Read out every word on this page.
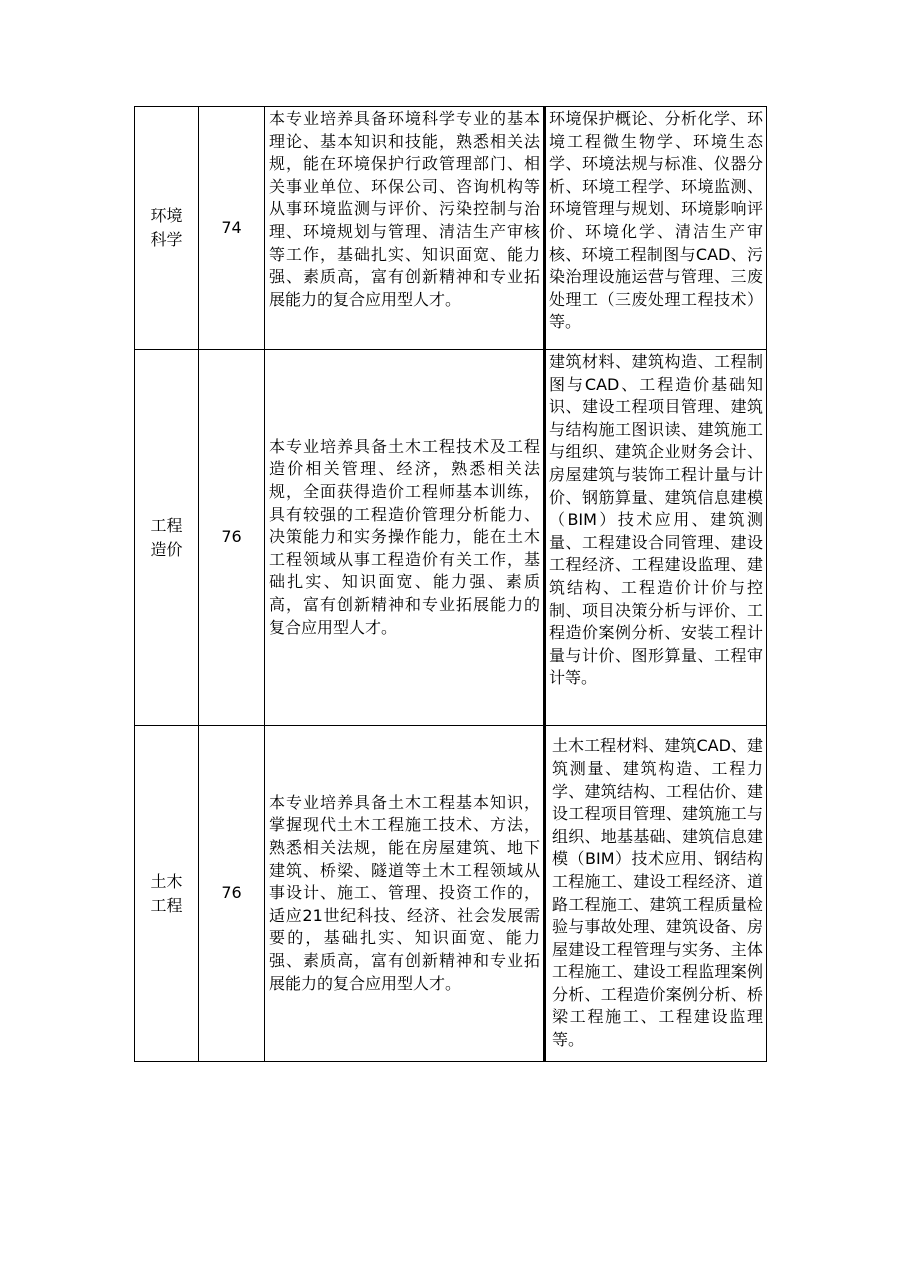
环境科学	74	本专业培养具备环境科学专业的基本理论、基本知识和技能，熟悉相关法规，能在环境保护行政管理部门、相关事业单位、环保公司、咨询机构等从事环境监测与评价、污染控制与治理、环境规划与管理、清洁生产审核等工作，基础扎实、知识面宽、能力强、素质高，富有创新精神和专业拓展能力的复合应用型人才。	环境保护概论、分析化学、环境工程微生物学、环境生态学、环境法规与标准、仪器分析、环境工程学、环境监测、环境管理与规划、环境影响评价、环境化学、清洁生产审核、环境工程制图与CAD、污染治理设施运营与管理、三废处理工（三废处理工程技术）等。

工程造价	76	本专业培养具备土木工程技术及工程造价相关管理、经济，熟悉相关法规，全面获得造价工程师基本训练，具有较强的工程造价管理分析能力、决策能力和实务操作能力，能在土木工程领域从事工程造价有关工作，基础扎实、知识面宽、能力强、素质高，富有创新精神和专业拓展能力的复合应用型人才。	建筑材料、建筑构造、工程制图与CAD、工程造价基础知识、建设工程项目管理、建筑与结构施工图识读、建筑施工与组织、建筑企业财务会计、房屋建筑与装饰工程计量与计价、钢筋算量、建筑信息建模（BIM）技术应用、建筑测量、工程建设合同管理、建设工程经济、工程建设监理、建筑结构、工程造价计价与控制、项目决策分析与评价、工程造价案例分析、安装工程计量与计价、图形算量、工程审计等。

土木工程	76	本专业培养具备土木工程基本知识，掌握现代土木工程施工技术、方法，熟悉相关法规，能在房屋建筑、地下建筑、桥梁、隧道等土木工程领域从事设计、施工、管理、投资工作的，适应21世纪科技、经济、社会发展需要的，基础扎实、知识面宽、能力强、素质高，富有创新精神和专业拓展能力的复合应用型人才。	土木工程材料、建筑CAD、建筑测量、建筑构造、工程力学、建筑结构、工程估价、建设工程项目管理、建筑施工与组织、地基基础、建筑信息建模（BIM）技术应用、钢结构工程施工、建设工程经济、道路工程施工、建筑工程质量检验与事故处理、建筑设备、房屋建设工程管理与实务、主体工程施工、建设工程监理案例分析、工程造价案例分析、桥梁工程施工、工程建设监理等。
